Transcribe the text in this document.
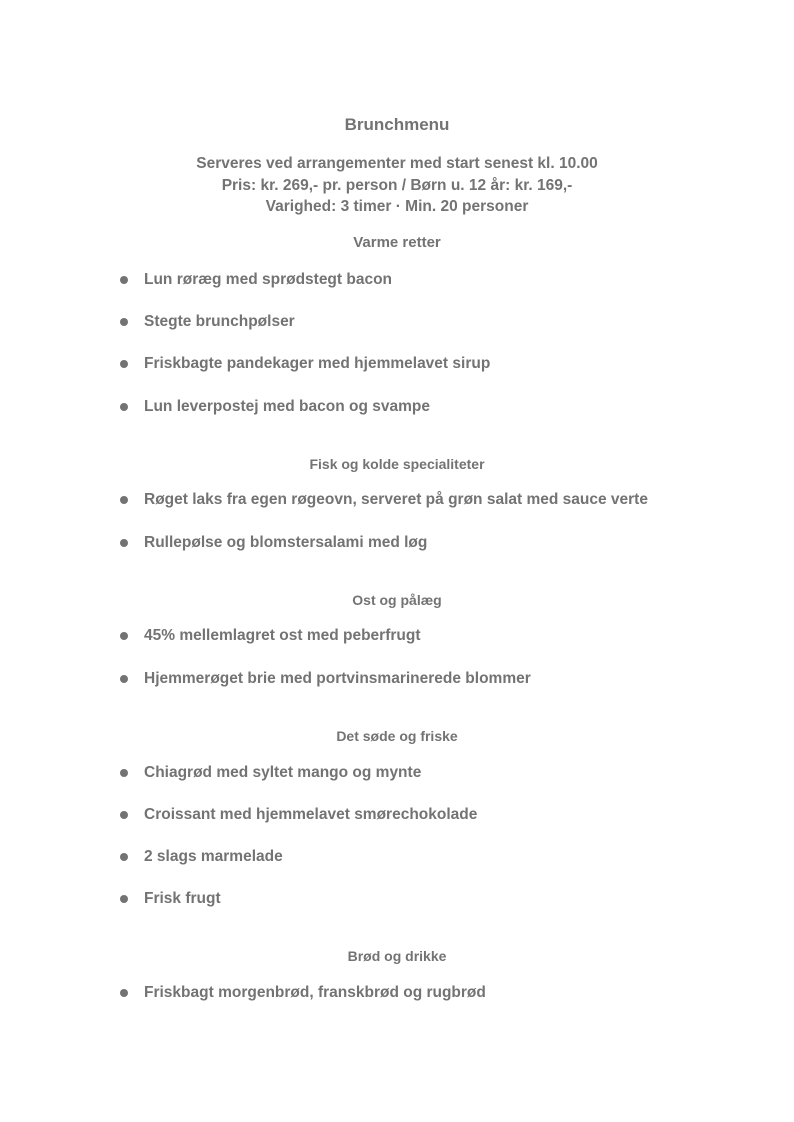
Brunchmenu
Serveres ved arrangementer med start senest kl. 10.00
Pris: kr. 269,- pr. person / Børn u. 12 år: kr. 169,-
Varighed: 3 timer · Min. 20 personer
Varme retter
Lun røræg med sprødstegt bacon
Stegte brunchpølser
Friskbagte pandekager med hjemmelavet sirup
Lun leverpostej med bacon og svampe
Fisk og kolde specialiteter
Røget laks fra egen røgeovn, serveret på grøn salat med sauce verte
Rullepølse og blomstersalami med løg
Ost og pålæg
45% mellemlagret ost med peberfrugt
Hjemmerøget brie med portvinsmarinerede blommer
Det søde og friske
Chiagrød med syltet mango og mynte
Croissant med hjemmelavet smørechokolade
2 slags marmelade
Frisk frugt
Brød og drikke
Friskbagt morgenbrød, franskbrød og rugbrød
